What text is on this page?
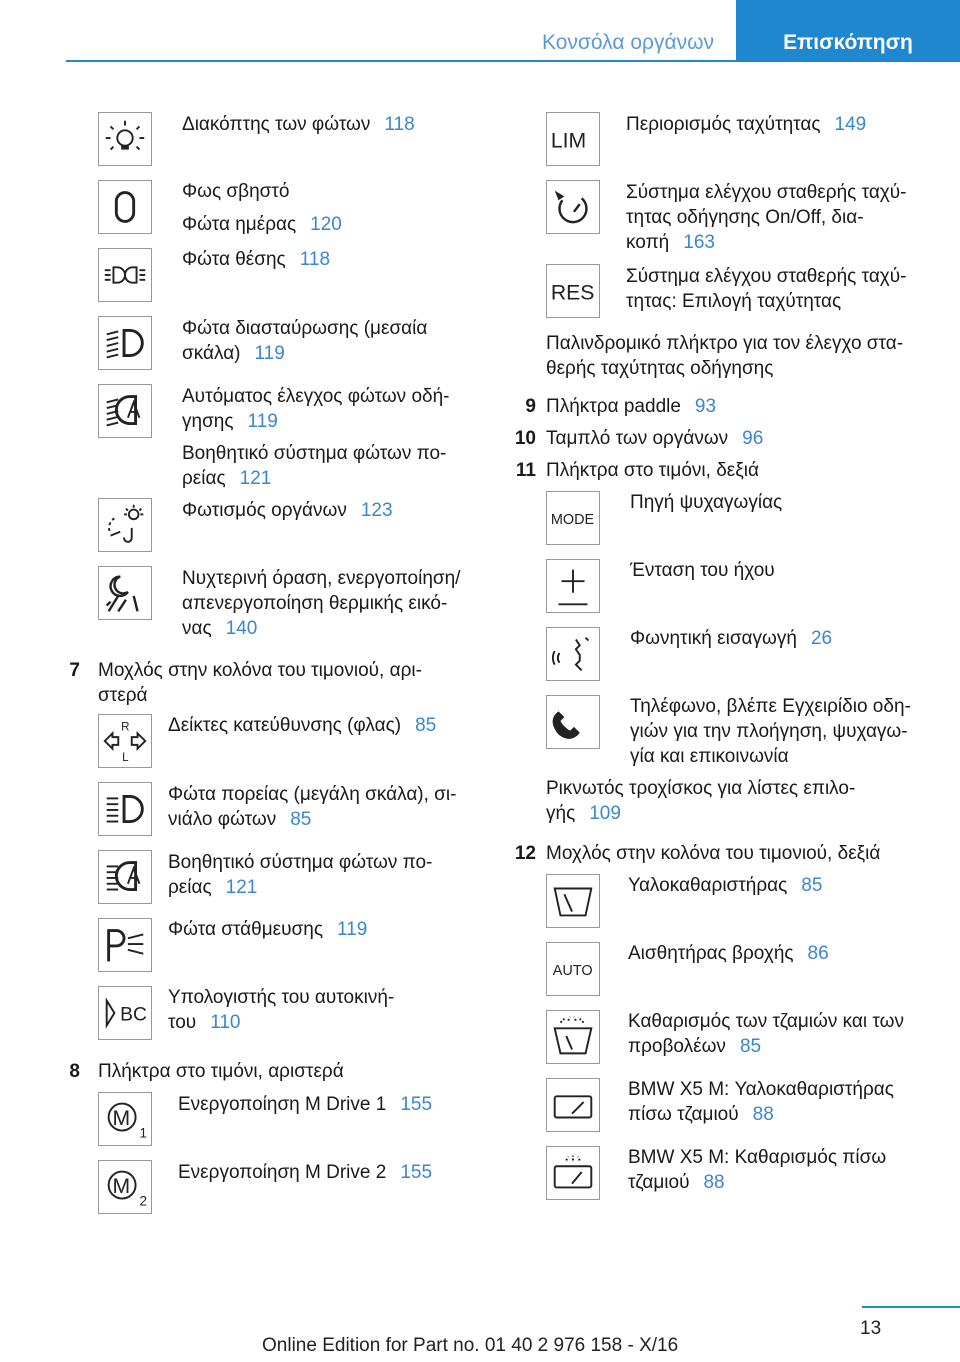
Κονσόλα οργάνων	Επισκόπηση
Διακόπτης των φώτων 118
Φως σβηστό
Φώτα ημέρας 120
Φώτα θέσης 118
Φώτα διασταύρωσης (μεσαία
σκάλα) 119
Αυτόματος έλεγχος φώτων οδή-
γησης 119
Βοηθητικό σύστημα φώτων πο-
ρείας 121
Φωτισμός οργάνων 123
Νυχτερινή όραση, ενεργοποίηση/
απενεργοποίηση θερμικής εικό-
νας 140
7 Μοχλός στην κολόνα του τιμονιού, αρι-
στερά
R
L
Δείκτες κατεύθυνσης (φλας) 85
Φώτα πορείας (μεγάλη σκάλα), σι-
νιάλο φώτων 85
Βοηθητικό σύστημα φώτων πο-
ρείας 121
Φώτα στάθμευσης 119
BC
Υπολογιστής του αυτοκινή-
του 110
8 Πλήκτρα στο τιμόνι, αριστερά
M
1
Ενεργοποίηση M Drive 1 155
M
2
Ενεργοποίηση M Drive 2 155
LIM
Περιορισμός ταχύτητας 149
Σύστημα ελέγχου σταθερής ταχύ-
τητας οδήγησης On/Off, δια-
κοπή 163
RES
Σύστημα ελέγχου σταθερής ταχύ-
τητας: Επιλογή ταχύτητας
Παλινδρομικό πλήκτρο για τον έλεγχο στα-
θερής ταχύτητας οδήγησης
9 Πλήκτρα paddle 93
10 Ταμπλό των οργάνων 96
11 Πλήκτρα στο τιμόνι, δεξιά
MODE
Πηγή ψυχαγωγίας
Ένταση του ήχου
Φωνητική εισαγωγή 26
Τηλέφωνο, βλέπε Εγχειρίδιο οδη-
γιών για την πλοήγηση, ψυχαγω-
γία και επικοινωνία
Ρικνωτός τροχίσκος για λίστες επιλο-
γής 109
12 Μοχλός στην κολόνα του τιμονιού, δεξιά
Υαλοκαθαριστήρας 85
AUTO
Αισθητήρας βροχής 86
Καθαρισμός των τζαμιών και των
προβολέων 85
BMW X5 M: Υαλοκαθαριστήρας
πίσω τζαμιού 88
BMW X5 M: Καθαρισμός πίσω
τζαμιού 88
13
Online Edition for Part no. 01 40 2 976 158 - X/16
